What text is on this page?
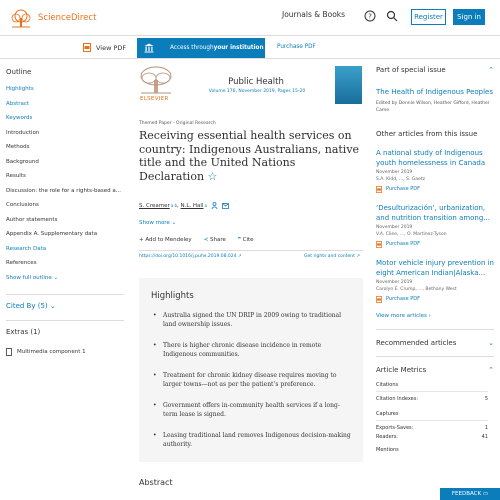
ScienceDirect	Journals & Books	?	Register	Sign in
View PDF	Access through your institution Purchase PDF
Outline
Highlights
Abstract
Keywords
Introduction
Methods
Background
Results
Discussion: the role for a rights-based a...
Conclusions
Author statements
Appendix A. Supplementary data
Research Data
References
Show full outline ⌄
Cited By (5) ⌄
Extras (1)
Multimedia component 1
ELSEVIER
Public Health
Volume 176, November 2019, Pages 15-20
Themed Paper - Original Research
Receiving essential health services on country: Indigenous Australians, native title and the United Nations Declaration ☆
S. Creamer a b , N.L. Hall a
Show more ⌄
+ Add to Mendeley ≺ Share ❞ Cite
https://doi.org/10.1016/j.puhe.2019.08.024 ↗	Get rights and content ↗
Highlights
• Australia signed the UN DRIP in 2009 owing to traditional land ownership issues.
• There is higher chronic disease incidence in remote Indigenous communities.
• Treatment for chronic kidney disease requires moving to larger towns—not as per the patient’s preference.
• Government offers in-community health services if a long-term lease is signed.
• Leasing traditional land removes Indigenous decision-making authority.
Abstract
Part of special issue	⌃
The Health of Indigenous Peoples
Edited by Dennie Wilson, Heather Gifford, Heather Came
Other articles from this issue
A national study of Indigenous youth homelessness in Canada
November 2019
S.A. Kidd, ..., S. Gaetz
Purchase PDF
‘Desulturización’, urbanization, and nutrition transition among...
November 2019
V.A. Cliee, ..., O. Martinez-Tyson
Purchase PDF
Motor vehicle injury prevention in eight American Indian|Alaska...
November 2019
Carolyn E. Crump, ..., Bethany West
Purchase PDF
View more articles
›
Recommended articles	⌄
Article Metrics	⌃
Citations
Citation Indexes:	5
Captures
Exports-Saves:	1
Readers:	41
Mentions
FEEDBACK
▭
